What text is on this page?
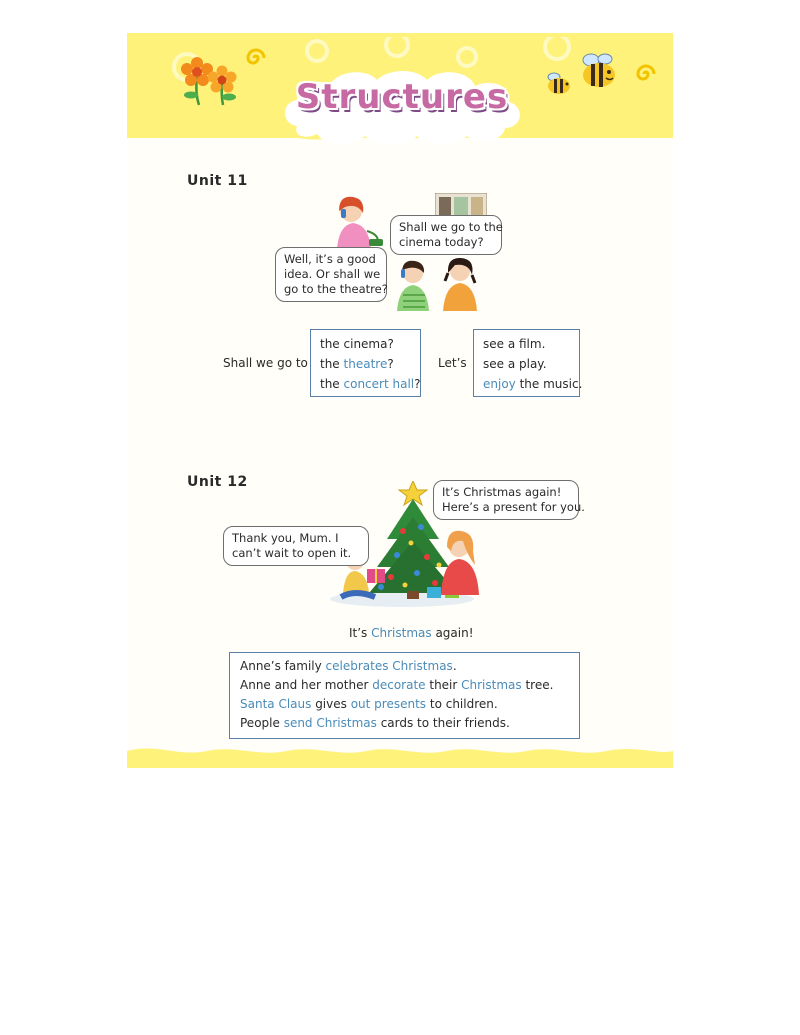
Structures
Unit 11
Shall we go to the
cinema today?
Well, it’s a good
idea. Or shall we
go to the theatre?
Shall we go to
the cinema?
the theatre?
the concert hall?
Let’s
see a film.
see a play.
enjoy the music.
Unit 12
It’s Christmas again!
Here’s a present for you.
Thank you, Mum. I
can’t wait to open it.
It’s Christmas again!
Anne’s family celebrates Christmas.
Anne and her mother decorate their Christmas tree.
Santa Claus gives out presents to children.
People send Christmas cards to their friends.
